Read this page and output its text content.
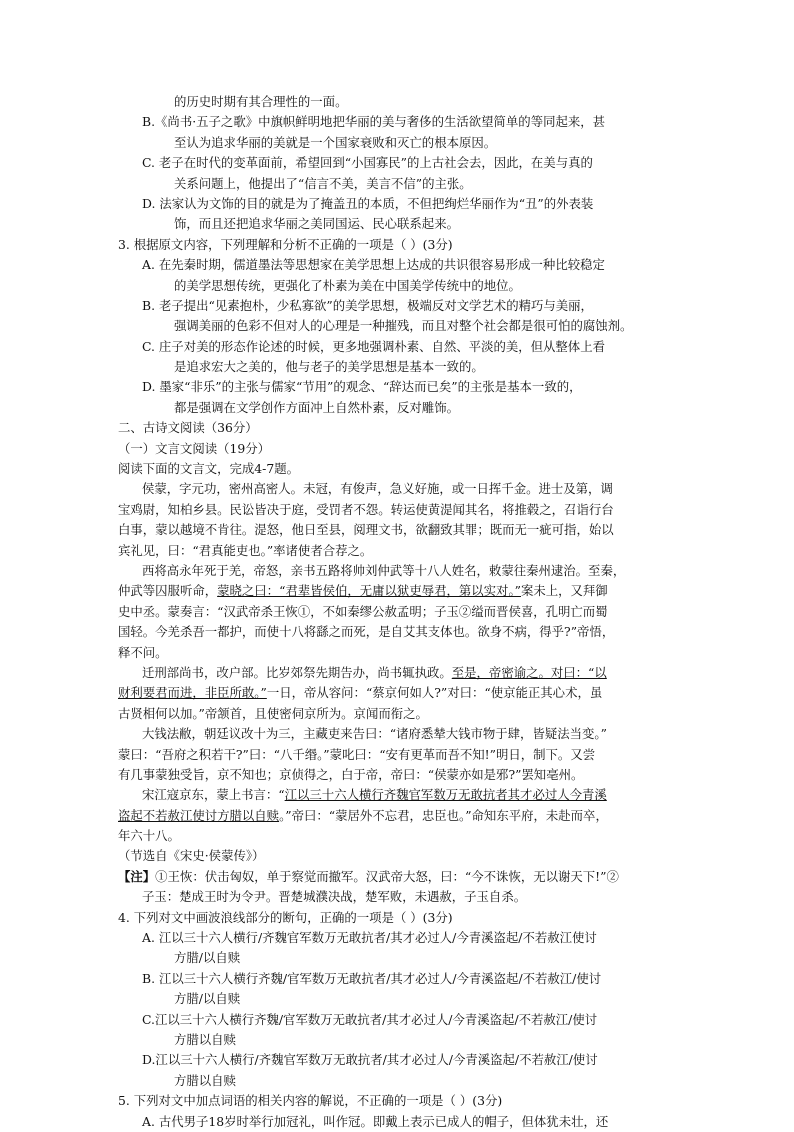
的历史时期有其合理性的一面。
B.《尚书·五子之歌》中旗帜鲜明地把华丽的美与奢侈的生活欲望简单的等同起来，甚
至认为追求华丽的美就是一个国家衰败和灭亡的根本原因。
C. 老子在时代的变革面前，希望回到“小国寡民”的上古社会去，因此，在美与真的
关系问题上，他提出了“信言不美，美言不信”的主张。
D. 法家认为文饰的目的就是为了掩盖丑的本质，不但把绚烂华丽作为“丑”的外表装
饰，而且还把追求华丽之美同国运、民心联系起来。
3. 根据原文内容，下列理解和分析不正确的一项是（ ）(3分)
A. 在先秦时期，儒道墨法等思想家在美学思想上达成的共识很容易形成一种比较稳定
的美学思想传统，更强化了朴素为美在中国美学传统中的地位。
B. 老子提出“见素抱朴，少私寡欲”的美学思想，极端反对文学艺术的精巧与美丽，
强调美丽的色彩不但对人的心理是一种摧残，而且对整个社会都是很可怕的腐蚀剂。
C. 庄子对美的形态作论述的时候，更多地强调朴素、自然、平淡的美，但从整体上看
是追求宏大之美的，他与老子的美学思想是基本一致的。
D. 墨家“非乐”的主张与儒家“节用”的观念、“辞达而已矣”的主张是基本一致的，
都是强调在文学创作方面冲上自然朴素，反对雕饰。
二、古诗文阅读（36分）
（一）文言文阅读（19分）
阅读下面的文言文，完成4-7题。
侯蒙，字元功，密州高密人。未冠，有俊声，急义好施，或一日挥千金。进士及第，调
宝鸡尉，知柏乡县。民讼皆决于庭，受罚者不怨。转运使黄湜闻其名，将推毂之，召诣行台
白事，蒙以越境不肯往。湜怒，他日至县，阅理文书，欲翻致其罪；既而无一疵可指，始以
宾礼见，曰：“君真能吏也。”率诸使者合荐之。
西将高永年死于羌，帝怒，亲书五路将帅刘仲武等十八人姓名，敕蒙往秦州逮治。至秦，
仲武等囚服听命，蒙晓之曰：“君辈皆侯伯，无庸以狱吏辱君，第以实对。”案未上，又拜御
史中丞。蒙奏言：“汉武帝杀王恢①，不如秦缪公赦孟明；子玉②缢而晋侯喜，孔明亡而蜀
国轻。今羌杀吾一都护，而使十八将繇之而死，是自艾其支体也。欲身不病，得乎?”帝悟，
释不问。
迁刑部尚书，改户部。比岁郊祭先期告办，尚书辄执政。至是，帝密谕之。对曰：“以
财利要君而进，非臣所敢。”一日，帝从容问：“蔡京何如人?”对曰：“使京能正其心术，虽
古贤相何以加。”帝颔首，且使密伺京所为。京闻而衔之。
大钱法敝，朝廷议改十为三，主藏吏来告曰：“诸府悉辇大钱市物于肆，皆疑法当变。”
蒙曰：“吾府之积若干?”曰：“八千缗。”蒙叱曰：“安有更革而吾不知!”明日，制下。又尝
有几事蒙独受旨，京不知也；京侦得之，白于帝，帝曰：“侯蒙亦如是邪?”罢知亳州。
宋江寇京东，蒙上书言：“江以三十六人横行齐魏官军数万无敢抗者其才必过人今青溪
盗起不若赦江使讨方腊以自赎。”帝曰：“蒙居外不忘君，忠臣也。”命知东平府，未赴而卒，
年六十八。
（节选自《宋史·侯蒙传》）
【注】①王恢：伏击匈奴，单于察觉而撤军。汉武帝大怒，曰：“今不诛恢，无以谢天下!”②
子玉：楚成王时为令尹。晋楚城濮决战，楚军败，未遇赦，子玉自杀。
4. 下列对文中画波浪线部分的断句，正确的一项是（ ）(3分)
A. 江以三十六人横行/齐魏官军数万无敢抗者/其才必过人/今青溪盗起/不若赦江使讨
方腊/以自赎
B. 江以三十六人横行齐魏/官军数万无敢抗者/其才必过人/今青溪盗起/不若赦江/使讨
方腊/以自赎
C.江以三十六人横行齐魏/官军数万无敢抗者/其才必过人/今青溪盗起/不若赦江/使讨
方腊以自赎
D.江以三十六人横行/齐魏官军数万无敢抗者/其才必过人/今青溪盗起/不若赦江/使讨
方腊以自赎
5. 下列对文中加点词语的相关内容的解说，不正确的一项是（ ）(3分)
A. 古代男子18岁时举行加冠礼，叫作冠。即戴上表示已成人的帽子，但体犹未壮，还
